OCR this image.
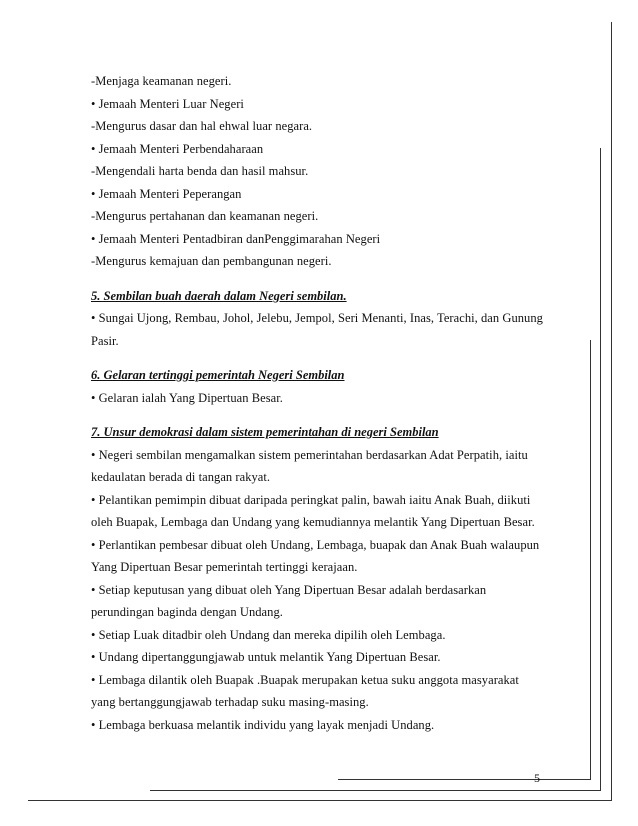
-Menjaga keamanan negeri.
• Jemaah Menteri Luar Negeri
-Mengurus dasar dan hal ehwal luar negara.
• Jemaah Menteri Perbendaharaan
-Mengendali harta benda dan hasil mahsur.
• Jemaah Menteri Peperangan
-Mengurus pertahanan dan keamanan negeri.
• Jemaah Menteri Pentadbiran danPenggimarahan Negeri
-Mengurus kemajuan dan pembangunan negeri.
5. Sembilan buah daerah dalam Negeri sembilan.
• Sungai Ujong, Rembau, Johol, Jelebu, Jempol, Seri Menanti, Inas, Terachi, dan Gunung
Pasir.
6. Gelaran tertinggi pemerintah Negeri Sembilan
• Gelaran ialah Yang Dipertuan Besar.
7. Unsur demokrasi dalam sistem pemerintahan di negeri Sembilan
• Negeri sembilan mengamalkan sistem pemerintahan berdasarkan Adat Perpatih, iaitu
kedaulatan berada di tangan rakyat.
• Pelantikan pemimpin dibuat daripada peringkat palin, bawah iaitu Anak Buah, diikuti
oleh Buapak, Lembaga dan Undang yang kemudiannya melantik Yang Dipertuan Besar.
• Perlantikan pembesar dibuat oleh Undang, Lembaga, buapak dan Anak Buah walaupun
Yang Dipertuan Besar pemerintah tertinggi kerajaan.
• Setiap keputusan yang dibuat oleh Yang Dipertuan Besar adalah berdasarkan
perundingan baginda dengan Undang.
• Setiap Luak ditadbir oleh Undang dan mereka dipilih oleh Lembaga.
• Undang dipertanggungjawab untuk melantik Yang Dipertuan Besar.
• Lembaga dilantik oleh Buapak .Buapak merupakan ketua suku anggota masyarakat
yang bertanggungjawab terhadap suku masing-masing.
• Lembaga berkuasa melantik individu yang layak menjadi Undang.
5
